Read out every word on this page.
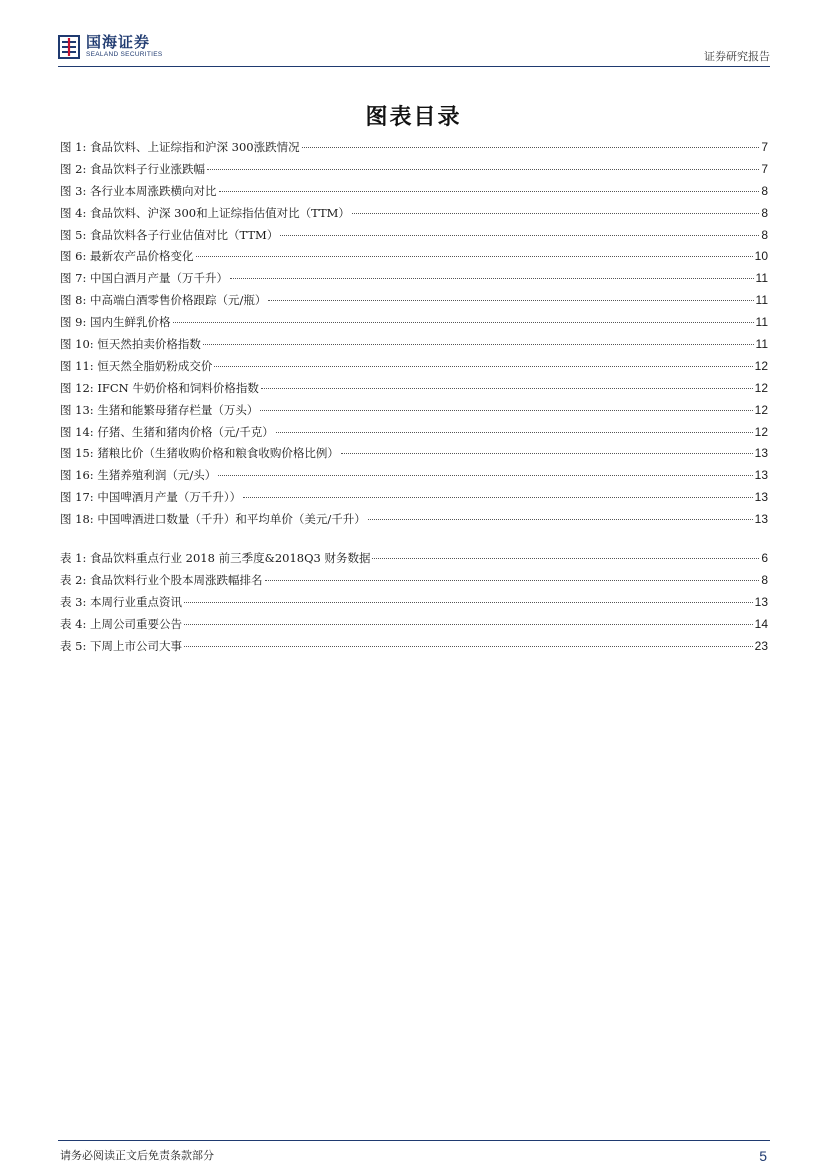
国海证券
SEALAND SECURITIES	证券研究报告
图表目录
图 1: 食品饮料、上证综指和沪深 300涨跌情况	7
图 2: 食品饮料子行业涨跌幅	7
图 3: 各行业本周涨跌横向对比	8
图 4: 食品饮料、沪深 300和上证综指估值对比（TTM）	8
图 5: 食品饮料各子行业估值对比（TTM）	8
图 6: 最新农产品价格变化	10
图 7: 中国白酒月产量（万千升）	11
图 8: 中高端白酒零售价格跟踪（元/瓶）	11
图 9: 国内生鲜乳价格	11
图 10: 恒天然拍卖价格指数	11
图 11: 恒天然全脂奶粉成交价	12
图 12: IFCN 牛奶价格和饲料价格指数	12
图 13: 生猪和能繁母猪存栏量（万头）	12
图 14: 仔猪、生猪和猪肉价格（元/千克）	12
图 15: 猪粮比价（生猪收购价格和粮食收购价格比例）	13
图 16: 生猪养殖利润（元/头）	13
图 17: 中国啤酒月产量（万千升））	13
图 18: 中国啤酒进口数量（千升）和平均单价（美元/千升）	13
表 1: 食品饮料重点行业 2018 前三季度&2018Q3 财务数据	6
表 2: 食品饮料行业个股本周涨跌幅排名	8
表 3: 本周行业重点资讯	13
表 4: 上周公司重要公告	14
表 5: 下周上市公司大事	23
请务必阅读正文后免责条款部分	5
